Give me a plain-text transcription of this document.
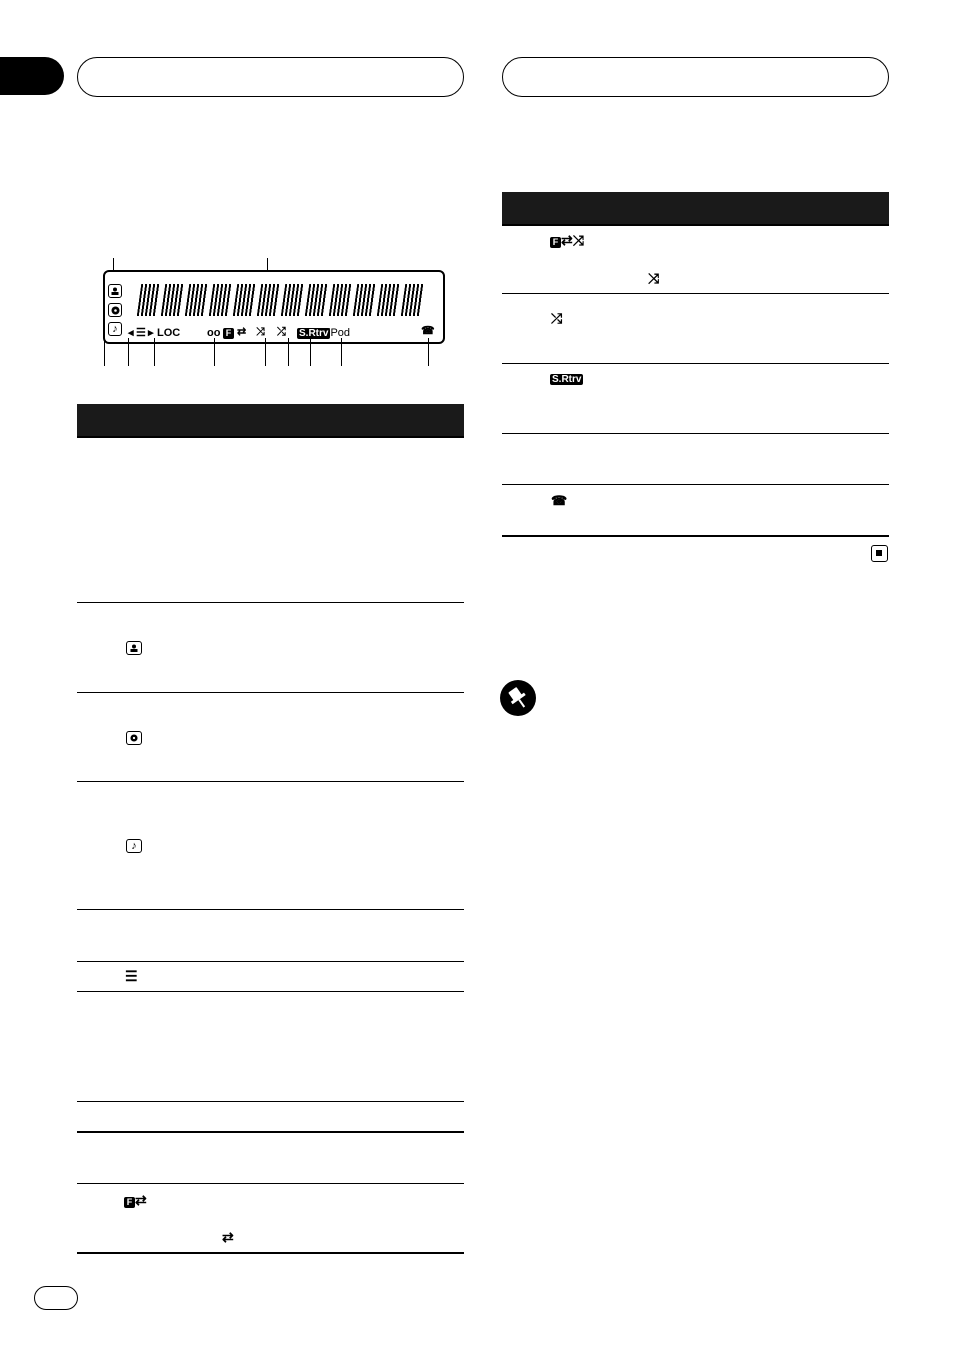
♪ ◂ ☰ ▸ LOC oo F ⇄ ⤨ ⤮ S.Rtrv iPod	☎
♪
☰
F ⇄
⇄
F ⇄⤨
⤨
⤮
S.Rtrv
☎
